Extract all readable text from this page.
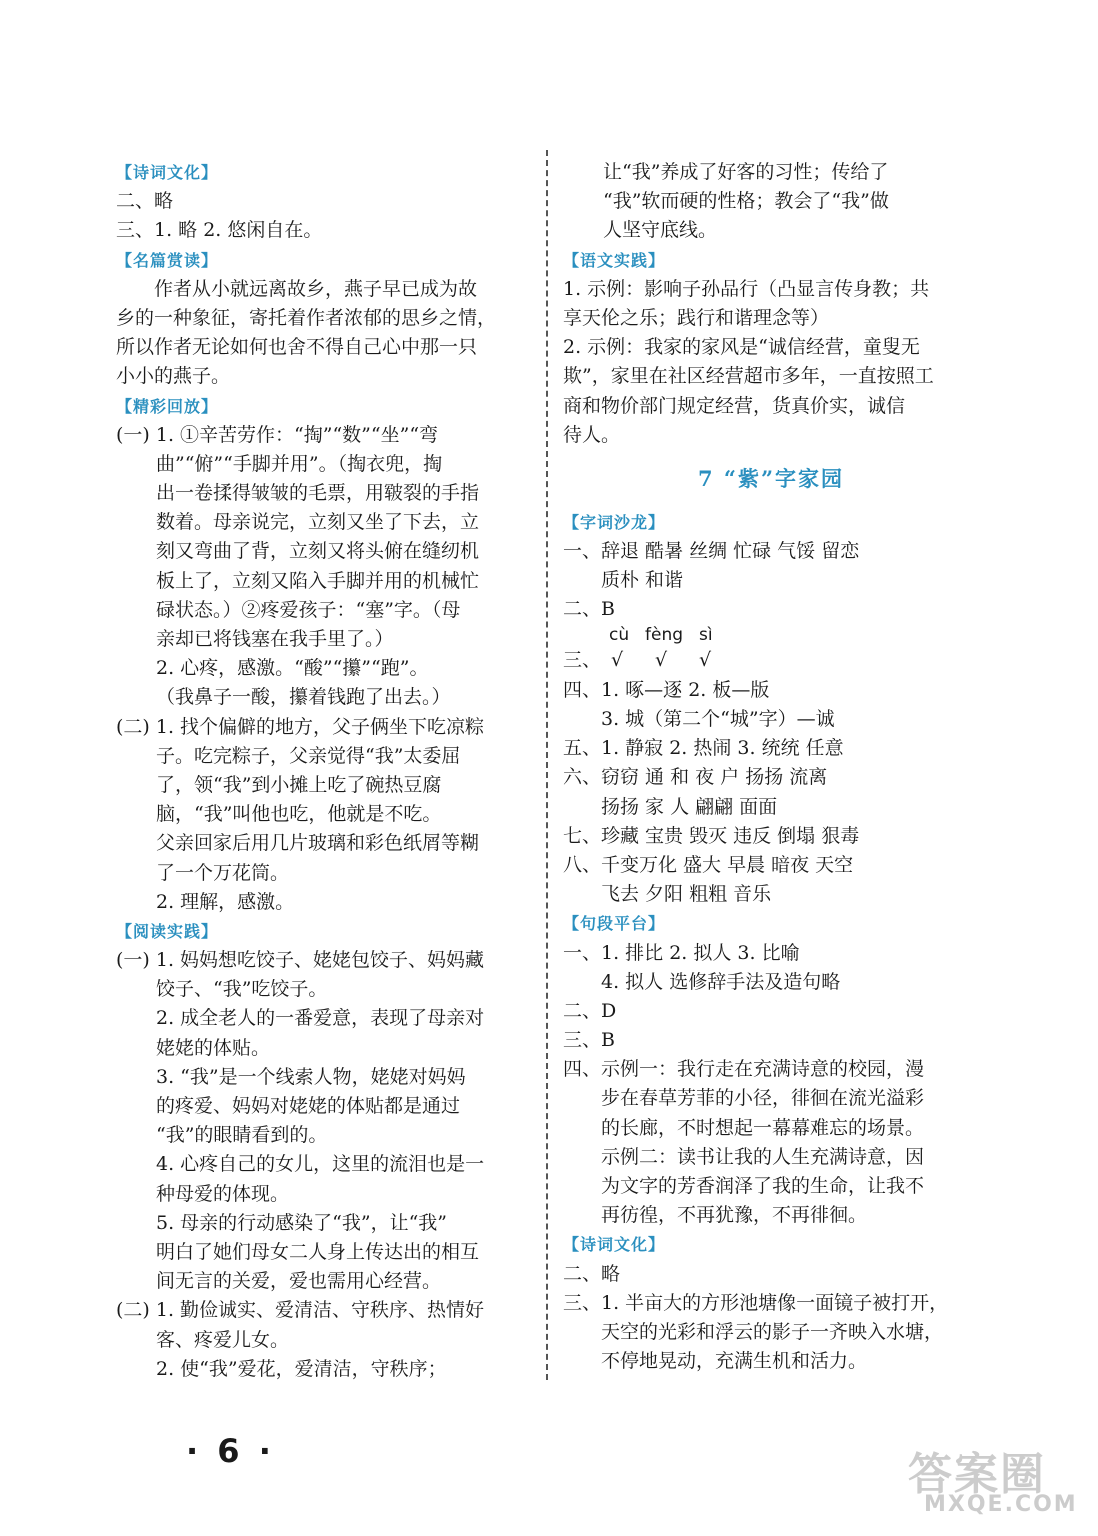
【诗词文化】
二、略
三、1. 略 2. 悠闲自在。
【名篇赏读】
作者从小就远离故乡，燕子早已成为故
乡的一种象征，寄托着作者浓郁的思乡之情，
所以作者无论如何也舍不得自己心中那一只
小小的燕子。
【精彩回放】
(一) 1. ①辛苦劳作：“掏”“数”“坐”“弯
曲”“俯”“手脚并用”。（掏衣兜，掏
出一卷揉得皱皱的毛票，用皲裂的手指
数着。母亲说完，立刻又坐了下去，立
刻又弯曲了背，立刻又将头俯在缝纫机
板上了，立刻又陷入手脚并用的机械忙
碌状态。）②疼爱孩子：“塞”字。（母
亲却已将钱塞在我手里了。）
2. 心疼，感激。“酸”“攥”“跑”。
（我鼻子一酸，攥着钱跑了出去。）
(二) 1. 找个偏僻的地方，父子俩坐下吃凉粽
子。吃完粽子，父亲觉得“我”太委屈
了，领“我”到小摊上吃了碗热豆腐
脑，“我”叫他也吃，他就是不吃。
父亲回家后用几片玻璃和彩色纸屑等糊
了一个万花筒。
2. 理解，感激。
【阅读实践】
(一) 1. 妈妈想吃饺子、姥姥包饺子、妈妈藏
饺子、“我”吃饺子。
2. 成全老人的一番爱意，表现了母亲对
姥姥的体贴。
3. “我”是一个线索人物，姥姥对妈妈
的疼爱、妈妈对姥姥的体贴都是通过
“我”的眼睛看到的。
4. 心疼自己的女儿，这里的流泪也是一
种母爱的体现。
5. 母亲的行动感染了“我”，让“我”
明白了她们母女二人身上传达出的相互
间无言的关爱，爱也需用心经营。
(二) 1. 勤俭诚实、爱清洁、守秩序、热情好
客、疼爱儿女。
2. 使“我”爱花，爱清洁，守秩序；
让“我”养成了好客的习性；传给了
“我”软而硬的性格；教会了“我”做
人坚守底线。
【语文实践】
1. 示例：影响子孙品行（凸显言传身教；共
享天伦之乐；践行和谐理念等）
2. 示例：我家的家风是“诚信经营，童叟无
欺”，家里在社区经营超市多年，一直按照工
商和物价部门规定经营，货真价实，诚信
待人。
7 “紫”字家园
【字词沙龙】
一、辞退 酷暑 丝绸 忙碌 气馁 留恋
质朴 和谐
二、B
cù fèng sì
三、 √ √ √
四、1. 啄—逐 2. 板—版
3. 城（第二个“城”字）—诚
五、1. 静寂 2. 热闹 3. 统统 任意
六、窃窃 通 和 夜 户 扬扬 流离
扬扬 家 人 翩翩 面面
七、珍藏 宝贵 毁灭 违反 倒塌 狠毒
八、千变万化 盛大 早晨 暗夜 天空
飞去 夕阳 粗粗 音乐
【句段平台】
一、1. 排比 2. 拟人 3. 比喻
4. 拟人 选修辞手法及造句略
二、D
三、B
四、示例一：我行走在充满诗意的校园，漫
步在春草芳菲的小径，徘徊在流光溢彩
的长廊，不时想起一幕幕难忘的场景。
示例二：读书让我的人生充满诗意，因
为文字的芳香润泽了我的生命，让我不
再彷徨，不再犹豫，不再徘徊。
【诗词文化】
二、略
三、1. 半亩大的方形池塘像一面镜子被打开，
天空的光彩和浮云的影子一齐映入水塘，
不停地晃动，充满生机和活力。
· 6 ·	答案圈
MXQE.COM
